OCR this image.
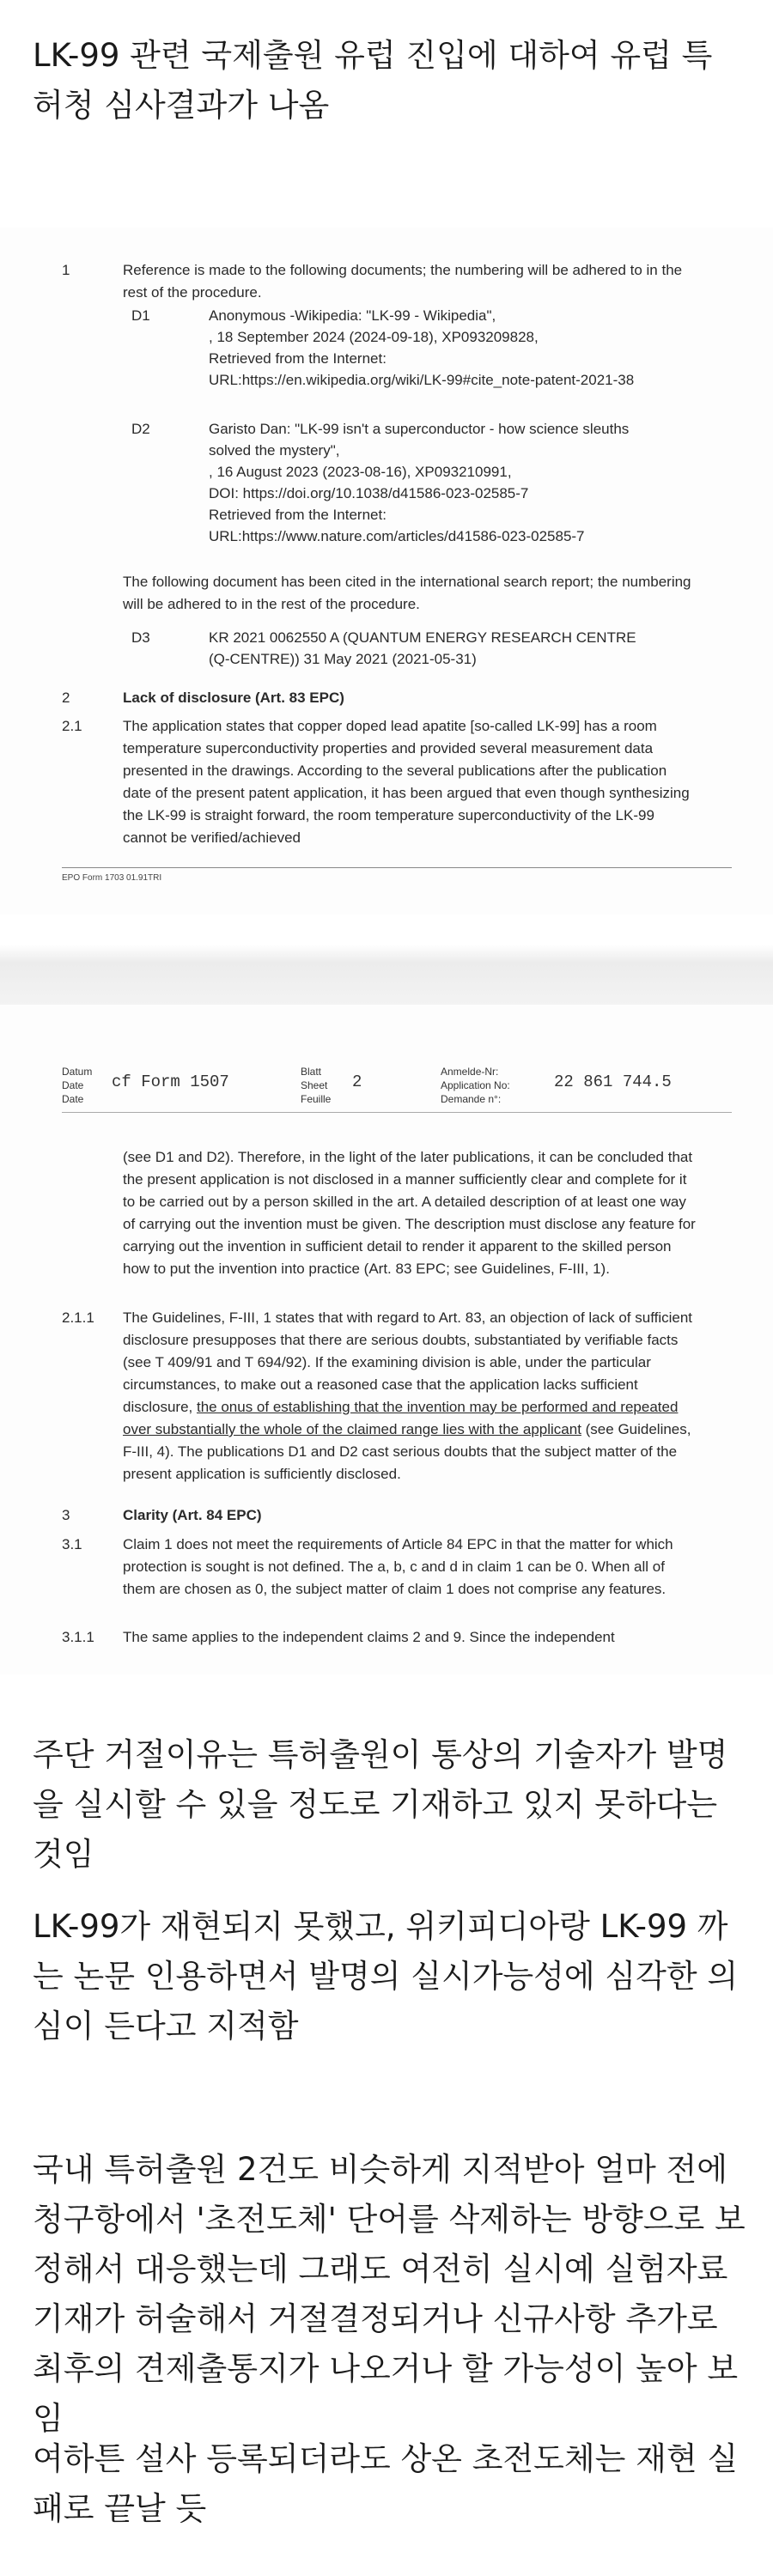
LK-99 관련 국제출원 유럽 진입에 대하여 유럽 특허청 심사결과가 나옴
1	Reference is made to the following documents; the numbering will be adhered to in the rest of the procedure.
D1	Anonymous -Wikipedia: "LK-99 - Wikipedia",
, 18 September 2024 (2024-09-18), XP093209828,
Retrieved from the Internet:
URL:https://en.wikipedia.org/wiki/LK-99#cite_note-patent-2021-38
D2	Garisto Dan: "LK-99 isn't a superconductor - how science sleuths
solved the mystery",
, 16 August 2023 (2023-08-16), XP093210991,
DOI: https://doi.org/10.1038/d41586-023-02585-7
Retrieved from the Internet:
URL:https://www.nature.com/articles/d41586-023-02585-7
The following document has been cited in the international search report; the numbering will be adhered to in the rest of the procedure.
D3	KR 2021 0062550 A (QUANTUM ENERGY RESEARCH CENTRE
(Q-CENTRE)) 31 May 2021 (2021-05-31)
2	Lack of disclosure (Art. 83 EPC)
2.1	The application states that copper doped lead apatite [so-called LK-99] has a room temperature superconductivity properties and provided several measurement data presented in the drawings. According to the several publications after the publication date of the present patent application, it has been argued that even though synthesizing the LK-99 is straight forward, the room temperature superconductivity of the LK-99 cannot be verified/achieved
EPO Form 1703 01.91TRI
Datum
Date
Date
cf Form 1507
Blatt
Sheet
Feuille
2
Anmelde-Nr:
Application No:
Demande n°:
22 861 744.5
(see D1 and D2). Therefore, in the light of the later publications, it can be concluded that the present application is not disclosed in a manner sufficiently clear and complete for it to be carried out by a person skilled in the art. A detailed description of at least one way of carrying out the invention must be given. The description must disclose any feature for carrying out the invention in sufficient detail to render it apparent to the skilled person how to put the invention into practice (Art. 83 EPC; see Guidelines, F-III, 1).
2.1.1 The Guidelines, F-III, 1 states that with regard to Art. 83, an objection of lack of sufficient disclosure presupposes that there are serious doubts, substantiated by verifiable facts (see T 409/91 and T 694/92). If the examining division is able, under the particular circumstances, to make out a reasoned case that the application lacks sufficient disclosure, the onus of establishing that the invention may be performed and repeated over substantially the whole of the claimed range lies with the applicant (see Guidelines, F-III, 4). The publications D1 and D2 cast serious doubts that the subject matter of the present application is sufficiently disclosed.
3	Clarity (Art. 84 EPC)
3.1	Claim 1 does not meet the requirements of Article 84 EPC in that the matter for which protection is sought is not defined. The a, b, c and d in claim 1 can be 0. When all of them are chosen as 0, the subject matter of claim 1 does not comprise any features.
3.1.1 The same applies to the independent claims 2 and 9. Since the independent

주단 거절이유는 특허출원이 통상의 기술자가 발명을 실시할 수 있을 정도로 기재하고 있지 못하다는 것임

LK-99가 재현되지 못했고, 위키피디아랑 LK-99 까는 논문 인용하면서 발명의 실시가능성에 심각한 의심이 든다고 지적함

국내 특허출원 2건도 비슷하게 지적받아 얼마 전에 청구항에서 '초전도체' 단어를 삭제하는 방향으로 보정해서 대응했는데 그래도 여전히 실시예 실험자료 기재가 허술해서 거절결정되거나 신규사항 추가로 최후의 견제출통지가 나오거나 할 가능성이 높아 보임

여하튼 설사 등록되더라도 상온 초전도체는 재현 실패로 끝날 듯
